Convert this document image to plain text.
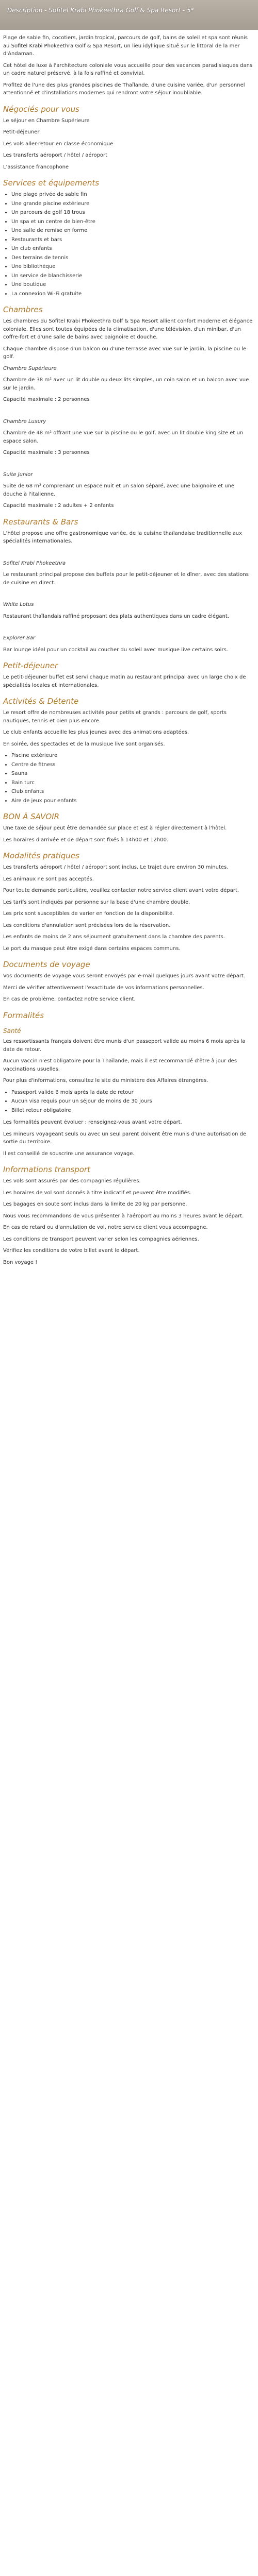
Description - Sofitel Krabi Phokeethra Golf & Spa Resort - 5*

Plage de sable fin, cocotiers, jardin tropical, parcours de golf, bains de soleil et spa sont réunis au Sofitel Krabi Phokeethra Golf & Spa Resort, un lieu idyllique situé sur le littoral de la mer d'Andaman.

Cet hôtel de luxe à l'architecture coloniale vous accueille pour des vacances paradisiaques dans un cadre naturel préservé, à la fois raffiné et convivial.

Profitez de l'une des plus grandes piscines de Thaïlande, d'une cuisine variée, d'un personnel attentionné et d'installations modernes qui rendront votre séjour inoubliable.

Négociés pour vous

Le séjour en Chambre Supérieure

Petit-déjeuner

Les vols aller-retour en classe économique

Les transferts aéroport / hôtel / aéroport

L'assistance francophone

Services et équipements
• Une plage privée de sable fin
• Une grande piscine extérieure
• Un parcours de golf 18 trous
• Un spa et un centre de bien-être
• Une salle de remise en forme
• Restaurants et bars
• Un club enfants
• Des terrains de tennis
• Une bibliothèque
• Un service de blanchisserie
• Une boutique
• La connexion Wi-Fi gratuite
Chambres

Les chambres du Sofitel Krabi Phokeethra Golf & Spa Resort allient confort moderne et élégance coloniale. Elles sont toutes équipées de la climatisation, d'une télévision, d'un minibar, d'un coffre-fort et d'une salle de bains avec baignoire et douche.

Chaque chambre dispose d'un balcon ou d'une terrasse avec vue sur le jardin, la piscine ou le golf.

Chambre Supérieure

Chambre de 38 m² avec un lit double ou deux lits simples, un coin salon et un balcon avec vue sur le jardin.

Capacité maximale : 2 personnes

Chambre Luxury

Chambre de 48 m² offrant une vue sur la piscine ou le golf, avec un lit double king size et un espace salon.

Capacité maximale : 3 personnes

Suite Junior

Suite de 68 m² comprenant un espace nuit et un salon séparé, avec une baignoire et une douche à l'italienne.

Capacité maximale : 2 adultes + 2 enfants

Restaurants & Bars

L'hôtel propose une offre gastronomique variée, de la cuisine thaïlandaise traditionnelle aux spécialités internationales.

Sofitel Krabi Phokeethra

Le restaurant principal propose des buffets pour le petit-déjeuner et le dîner, avec des stations de cuisine en direct.

White Lotus

Restaurant thaïlandais raffiné proposant des plats authentiques dans un cadre élégant.

Explorer Bar

Bar lounge idéal pour un cocktail au coucher du soleil avec musique live certains soirs.

Petit-déjeuner

Le petit-déjeuner buffet est servi chaque matin au restaurant principal avec un large choix de spécialités locales et internationales.

Activités & Détente

Le resort offre de nombreuses activités pour petits et grands : parcours de golf, sports nautiques, tennis et bien plus encore.

Le club enfants accueille les plus jeunes avec des animations adaptées.

En soirée, des spectacles et de la musique live sont organisés.

• Piscine extérieure
• Centre de fitness
• Sauna
• Bain turc
• Club enfants
• Aire de jeux pour enfants
BON À SAVOIR

Une taxe de séjour peut être demandée sur place et est à régler directement à l'hôtel.

Les horaires d'arrivée et de départ sont fixés à 14h00 et 12h00.

Modalités pratiques

Les transferts aéroport / hôtel / aéroport sont inclus. Le trajet dure environ 30 minutes.

Les animaux ne sont pas acceptés.

Pour toute demande particulière, veuillez contacter notre service client avant votre départ.

Les tarifs sont indiqués par personne sur la base d'une chambre double.

Les prix sont susceptibles de varier en fonction de la disponibilité.

Les conditions d'annulation sont précisées lors de la réservation.

Les enfants de moins de 2 ans séjournent gratuitement dans la chambre des parents.

Le port du masque peut être exigé dans certains espaces communs.

Documents de voyage

Vos documents de voyage vous seront envoyés par e-mail quelques jours avant votre départ.

Merci de vérifier attentivement l'exactitude de vos informations personnelles.

En cas de problème, contactez notre service client.

Formalités
Santé

Les ressortissants français doivent être munis d'un passeport valide au moins 6 mois après la date de retour.

Aucun vaccin n'est obligatoire pour la Thaïlande, mais il est recommandé d'être à jour des vaccinations usuelles.

Pour plus d'informations, consultez le site du ministère des Affaires étrangères.

• Passeport valide 6 mois après la date de retour
• Aucun visa requis pour un séjour de moins de 30 jours
• Billet retour obligatoire

Les formalités peuvent évoluer : renseignez-vous avant votre départ.

Les mineurs voyageant seuls ou avec un seul parent doivent être munis d'une autorisation de sortie du territoire.

Il est conseillé de souscrire une assurance voyage.

Informations transport

Les vols sont assurés par des compagnies régulières.

Les horaires de vol sont donnés à titre indicatif et peuvent être modifiés.

Les bagages en soute sont inclus dans la limite de 20 kg par personne.

Nous vous recommandons de vous présenter à l'aéroport au moins 3 heures avant le départ.

En cas de retard ou d'annulation de vol, notre service client vous accompagne.

Les conditions de transport peuvent varier selon les compagnies aériennes.

Vérifiez les conditions de votre billet avant le départ.

Bon voyage !
